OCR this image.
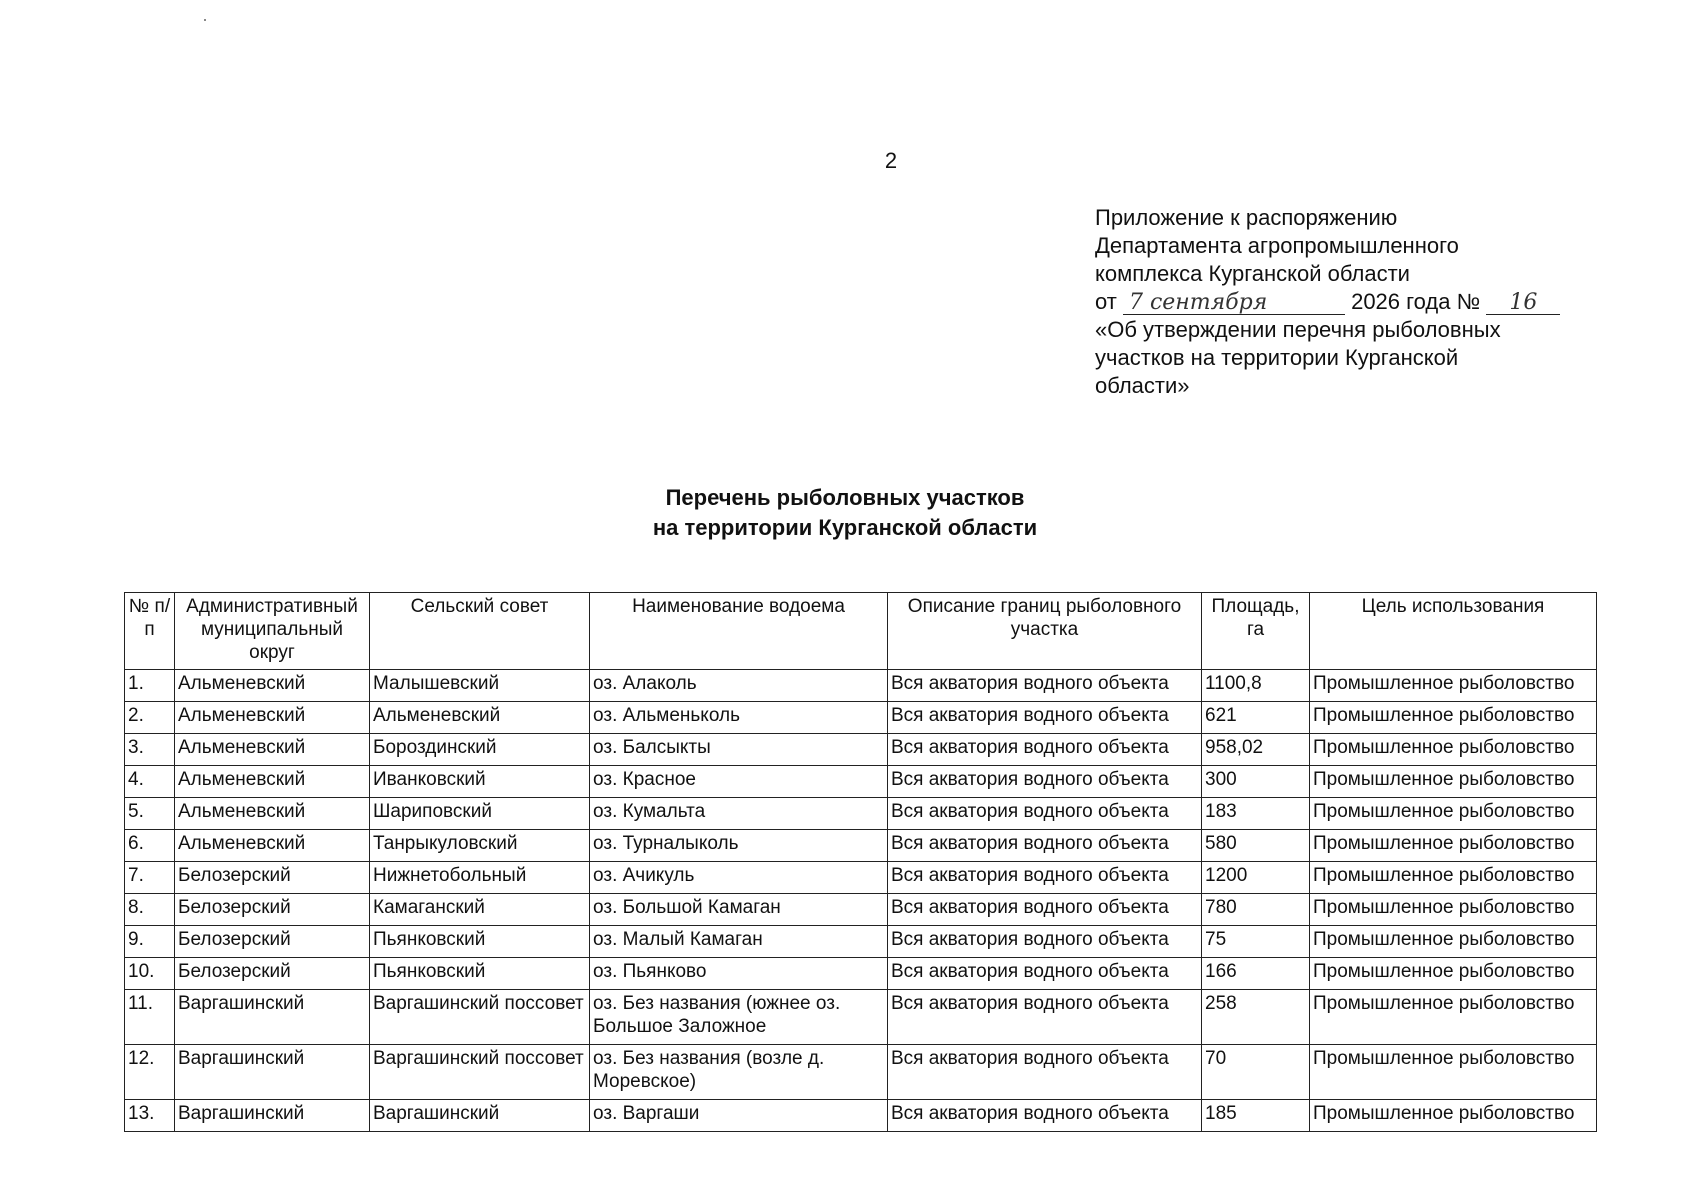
2
Приложение к распоряжению
Департамента агропромышленного
комплекса Курганской области
от 7 сентября	2026 года № 16
«Об утверждении перечня рыболовных
участков на территории Курганской
области»
Перечень рыболовных участков
на территории Курганской области
№ п/п	Административный муниципальный округ	Сельский совет	Наименование водоема	Описание границ рыболовного участка	Площадь, га	Цель использования
1.	Альменевский	Малышевский	оз. Алаколь	Вся акватория водного объекта	1100,8	Промышленное рыболовство
2.	Альменевский	Альменевский	оз. Альменьколь	Вся акватория водного объекта	621	Промышленное рыболовство
3.	Альменевский	Бороздинский	оз. Балсыкты	Вся акватория водного объекта	958,02	Промышленное рыболовство
4.	Альменевский	Иванковский	оз. Красное	Вся акватория водного объекта	300	Промышленное рыболовство
5.	Альменевский	Шариповский	оз. Кумальта	Вся акватория водного объекта	183	Промышленное рыболовство
6.	Альменевский	Танрыкуловский	оз. Турналыколь	Вся акватория водного объекта	580	Промышленное рыболовство
7.	Белозерский	Нижнетобольный	оз. Ачикуль	Вся акватория водного объекта	1200	Промышленное рыболовство
8.	Белозерский	Камаганский	оз. Большой Камаган	Вся акватория водного объекта	780	Промышленное рыболовство
9.	Белозерский	Пьянковский	оз. Малый Камаган	Вся акватория водного объекта	75	Промышленное рыболовство
10.	Белозерский	Пьянковский	оз. Пьянково	Вся акватория водного объекта	166	Промышленное рыболовство
11.	Варгашинский	Варгашинский поссовет	оз. Без названия (южнее оз. Большое Заложное	Вся акватория водного объекта	258	Промышленное рыболовство
12.	Варгашинский	Варгашинский поссовет	оз. Без названия (возле д. Моревское)	Вся акватория водного объекта	70	Промышленное рыболовство
13.	Варгашинский	Варгашинский	оз. Варгаши	Вся акватория водного объекта	185	Промышленное рыболовство
